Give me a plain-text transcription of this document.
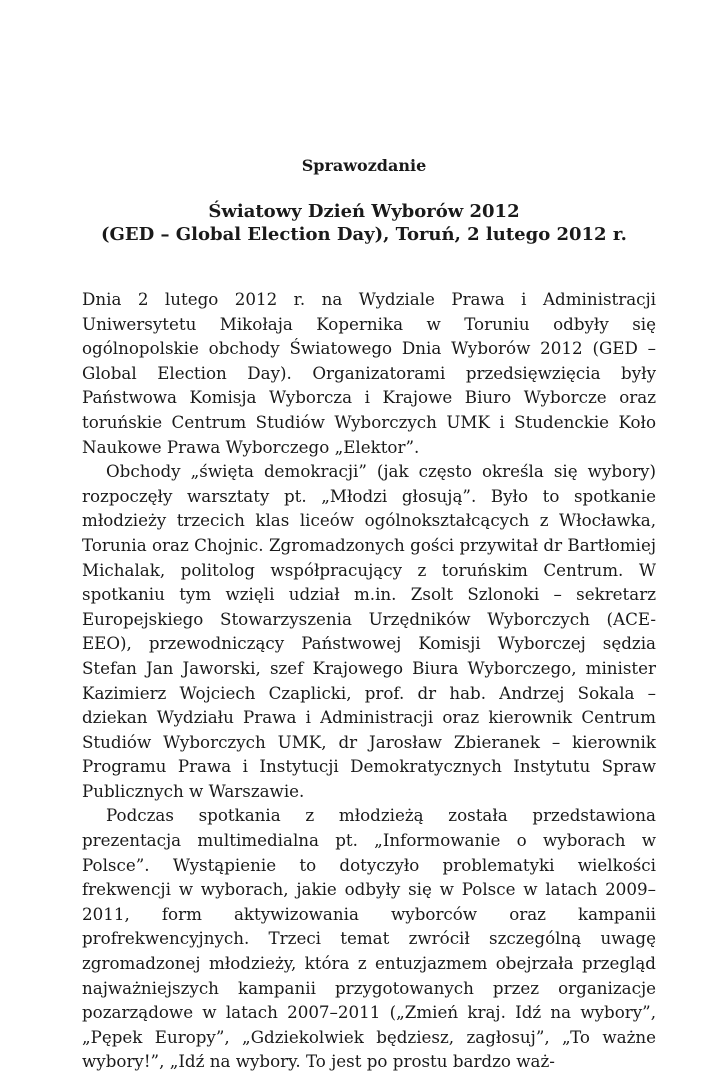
Sprawozdanie
Światowy Dzień Wyborów 2012
(GED – Global Election Day), Toruń, 2 lutego 2012 r.

Dnia 2 lutego 2012 r. na Wydziale Prawa i Administracji Uniwersytetu Mikołaja Kopernika w Toruniu odbyły się ogólnopolskie obchody Światowego Dnia Wyborów 2012 (GED – Global Election Day). Organizatorami przedsięwzięcia były Państwowa Komisja Wyborcza i Krajowe Biuro Wyborcze oraz toruńskie Centrum Studiów Wyborczych UMK i Studenckie Koło Naukowe Prawa Wyborczego „Elektor”.

Obchody „święta demokracji” (jak często określa się wybory) rozpoczęły warsztaty pt. „Młodzi głosują”. Było to spotkanie młodzieży trzecich klas liceów ogólnokształcących z Włocławka, Torunia oraz Chojnic. Zgromadzonych gości przywitał dr Bartłomiej Michalak, politolog współpracujący z toruńskim Centrum. W spotkaniu tym wzięli udział m.in. Zsolt Szlonoki – sekretarz Europejskiego Stowarzyszenia Urzędników Wyborczych (ACE-EEO), przewodniczący Państwowej Komisji Wyborczej sędzia Stefan Jan Jaworski, szef Krajowego Biura Wyborczego, minister Kazimierz Wojciech Czaplicki, prof. dr hab. Andrzej Sokala – dziekan Wydziału Prawa i Administracji oraz kierownik Centrum Studiów Wyborczych UMK, dr Jarosław Zbieranek – kierownik Programu Prawa i Instytucji Demokratycznych Instytutu Spraw Publicznych w Warszawie.

Podczas spotkania z młodzieżą została przedstawiona prezentacja multimedialna pt. „Informowanie o wyborach w Polsce”. Wystąpienie to dotyczyło problematyki wielkości frekwencji w wyborach, jakie odbyły się w Polsce w latach 2009–2011, form aktywizowania wyborców oraz kampanii profrekwencyjnych. Trzeci temat zwrócił szczególną uwagę zgromadzonej młodzieży, która z entuzjazmem obejrzała przegląd najważniejszych kampanii przygotowanych przez organizacje pozarządowe w latach 2007–2011 („Zmień kraj. Idź na wybory”, „Pępek Europy”, „Gdziekolwiek będziesz, zagłosuj”, „To ważne wybory!”, „Idź na wybory. To jest po prostu bardzo waż-
